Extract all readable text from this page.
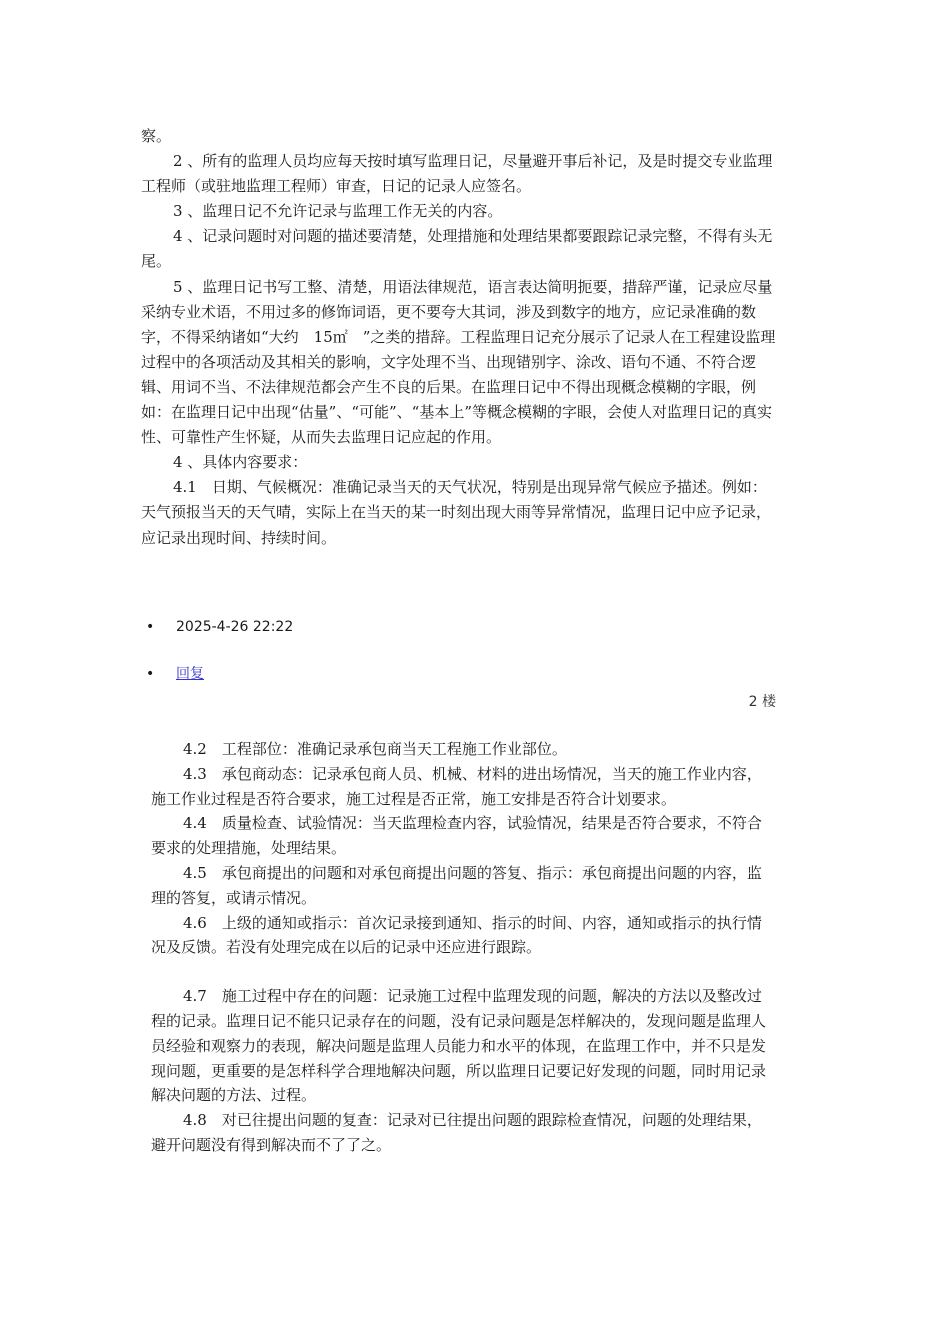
察。

2 、所有的监理人员均应每天按时填写监理日记，尽量避开事后补记，及是时提交专业监理工程师（或驻地监理工程师）审查，日记的记录人应签名。

3 、监理日记不允许记录与监理工作无关的内容。

4 、记录问题时对问题的描述要清楚，处理措施和处理结果都要跟踪记录完整，不得有头无尾。

5 、监理日记书写工整、清楚，用语法律规范，语言表达简明扼要，措辞严谨，记录应尽量采纳专业术语，不用过多的修饰词语，更不要夸大其词，涉及到数字的地方，应记录准确的数字，不得采纳诸如“大约　15㎡　”之类的措辞。工程监理日记充分展示了记录人在工程建设监理过程中的各项活动及其相关的影响，文字处理不当、出现错别字、涂改、语句不通、不符合逻辑、用词不当、不法律规范都会产生不良的后果。在监理日记中不得出现概念模糊的字眼，例如：在监理日记中出现“估量”、“可能”、“基本上”等概念模糊的字眼，会使人对监理日记的真实性、可靠性产生怀疑，从而失去监理日记应起的作用。

4 、具体内容要求：

4.1　日期、气候概况：准确记录当天的天气状况，特别是出现异常气候应予描述。例如：天气预报当天的天气晴，实际上在当天的某一时刻出现大雨等异常情况，监理日记中应予记录，应记录出现时间、持续时间。

• 2025-4-26 22:22
• 回复
2 楼

4.2　工程部位：准确记录承包商当天工程施工作业部位。

4.3　承包商动态：记录承包商人员、机械、材料的进出场情况，当天的施工作业内容，施工作业过程是否符合要求，施工过程是否正常，施工安排是否符合计划要求。

4.4　质量检查、试验情况：当天监理检查内容，试验情况，结果是否符合要求，不符合要求的处理措施，处理结果。

4.5　承包商提出的问题和对承包商提出问题的答复、指示：承包商提出问题的内容，监理的答复，或请示情况。

4.6　上级的通知或指示：首次记录接到通知、指示的时间、内容，通知或指示的执行情况及反馈。若没有处理完成在以后的记录中还应进行跟踪。

4.7　施工过程中存在的问题：记录施工过程中监理发现的问题，解决的方法以及整改过程的记录。监理日记不能只记录存在的问题，没有记录问题是怎样解决的，发现问题是监理人员经验和观察力的表现，解决问题是监理人员能力和水平的体现，在监理工作中，并不只是发现问题，更重要的是怎样科学合理地解决问题，所以监理日记要记好发现的问题，同时用记录解决问题的方法、过程。

4.8　对已往提出问题的复查：记录对已往提出问题的跟踪检查情况，问题的处理结果，避开问题没有得到解决而不了了之。
